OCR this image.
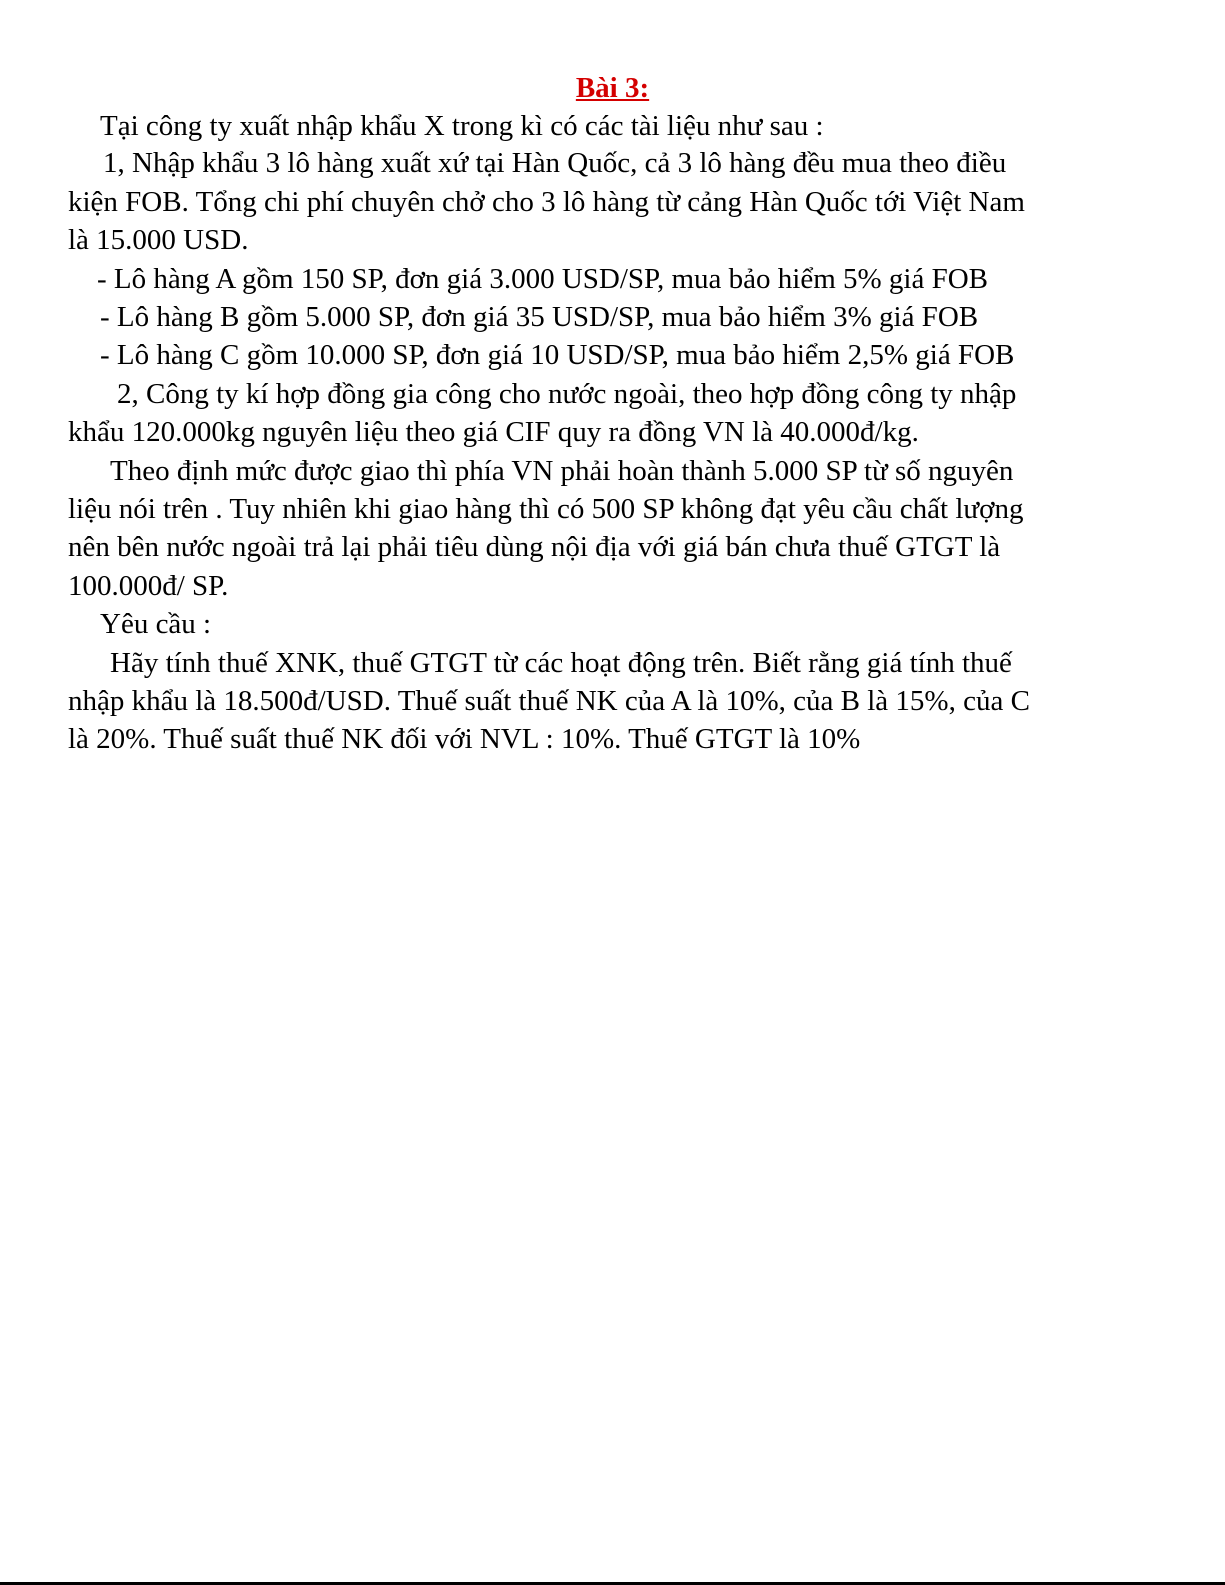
Bài 3:
Tại công ty xuất nhập khẩu X trong kì có các tài liệu như sau :
1, Nhập khẩu 3 lô hàng xuất xứ tại Hàn Quốc, cả 3 lô hàng đều mua theo điều
kiện FOB. Tổng chi phí chuyên chở cho 3 lô hàng từ cảng Hàn Quốc tới Việt Nam
là 15.000 USD.
- Lô hàng A gồm 150 SP, đơn giá 3.000 USD/SP, mua bảo hiểm 5% giá FOB
- Lô hàng B gồm 5.000 SP, đơn giá 35 USD/SP, mua bảo hiểm 3% giá FOB
- Lô hàng C gồm 10.000 SP, đơn giá 10 USD/SP, mua bảo hiểm 2,5% giá FOB
2, Công ty kí hợp đồng gia công cho nước ngoài, theo hợp đồng công ty nhập
khẩu 120.000kg nguyên liệu theo giá CIF quy ra đồng VN là 40.000đ/kg.
Theo định mức được giao thì phía VN phải hoàn thành 5.000 SP từ số nguyên
liệu nói trên . Tuy nhiên khi giao hàng thì có 500 SP không đạt yêu cầu chất lượng
nên bên nước ngoài trả lại phải tiêu dùng nội địa với giá bán chưa thuế GTGT là
100.000đ/ SP.
Yêu cầu :
Hãy tính thuế XNK, thuế GTGT từ các hoạt động trên. Biết rằng giá tính thuế
nhập khẩu là 18.500đ/USD. Thuế suất thuế NK của A là 10%, của B là 15%, của C
là 20%. Thuế suất thuế NK đối với NVL : 10%. Thuế GTGT là 10%
